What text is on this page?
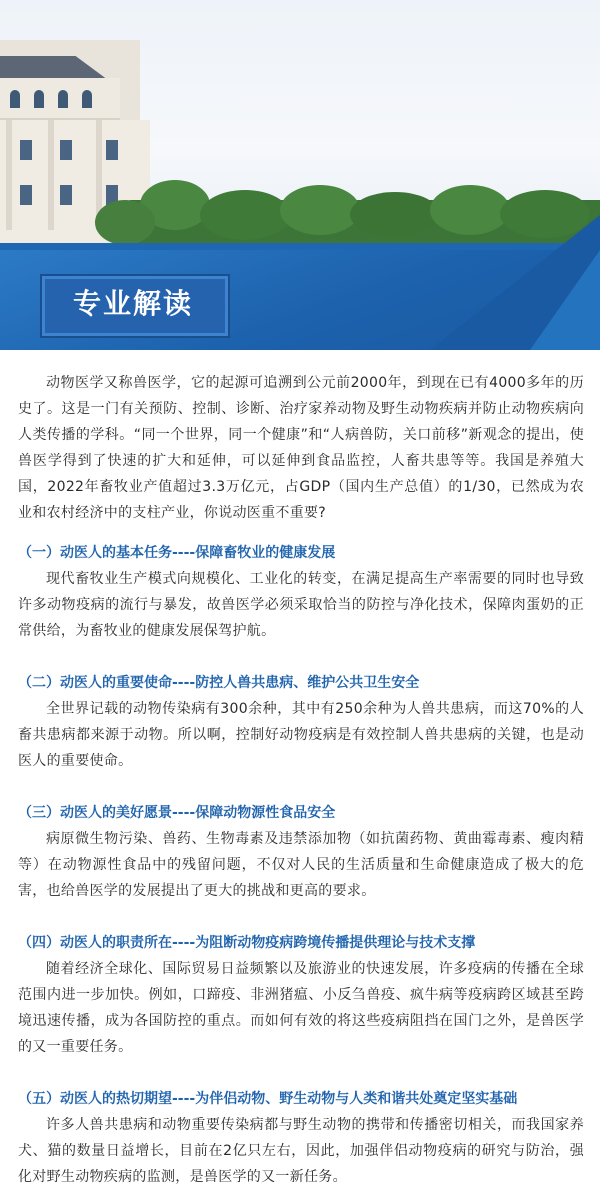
专业解读

动物医学又称兽医学，它的起源可追溯到公元前2000年，到现在已有4000多年的历史了。这是一门有关预防、控制、诊断、治疗家养动物及野生动物疾病并防止动物疾病向人类传播的学科。“同一个世界，同一个健康”和“人病兽防，关口前移”新观念的提出，使兽医学得到了快速的扩大和延伸，可以延伸到食品监控，人畜共患等等。我国是养殖大国，2022年畜牧业产值超过3.3万亿元，占GDP（国内生产总值）的1/30，已然成为农业和农村经济中的支柱产业，你说动医重不重要?

（一）动医人的基本任务----保障畜牧业的健康发展

现代畜牧业生产模式向规模化、工业化的转变，在满足提高生产率需要的同时也导致许多动物疫病的流行与暴发，故兽医学必须采取恰当的防控与净化技术，保障肉蛋奶的正常供给，为畜牧业的健康发展保驾护航。

（二）动医人的重要使命----防控人兽共患病、维护公共卫生安全

全世界记载的动物传染病有300余种，其中有250余种为人兽共患病，而这70%的人畜共患病都来源于动物。所以啊，控制好动物疫病是有效控制人兽共患病的关键，也是动医人的重要使命。

（三）动医人的美好愿景----保障动物源性食品安全

病原微生物污染、兽药、生物毒素及违禁添加物（如抗菌药物、黄曲霉毒素、瘦肉精等）在动物源性食品中的残留问题，不仅对人民的生活质量和生命健康造成了极大的危害，也给兽医学的发展提出了更大的挑战和更高的要求。

（四）动医人的职责所在----为阻断动物疫病跨境传播提供理论与技术支撑

随着经济全球化、国际贸易日益频繁以及旅游业的快速发展，许多疫病的传播在全球范围内进一步加快。例如，口蹄疫、非洲猪瘟、小反刍兽疫、疯牛病等疫病跨区域甚至跨境迅速传播，成为各国防控的重点。而如何有效的将这些疫病阻挡在国门之外，是兽医学的又一重要任务。

（五）动医人的热切期望----为伴侣动物、野生动物与人类和谐共处奠定坚实基础

许多人兽共患病和动物重要传染病都与野生动物的携带和传播密切相关，而我国家养犬、猫的数量日益增长，目前在2亿只左右，因此，加强伴侣动物疫病的研究与防治，强化对野生动物疾病的监测，是兽医学的又一新任务。
